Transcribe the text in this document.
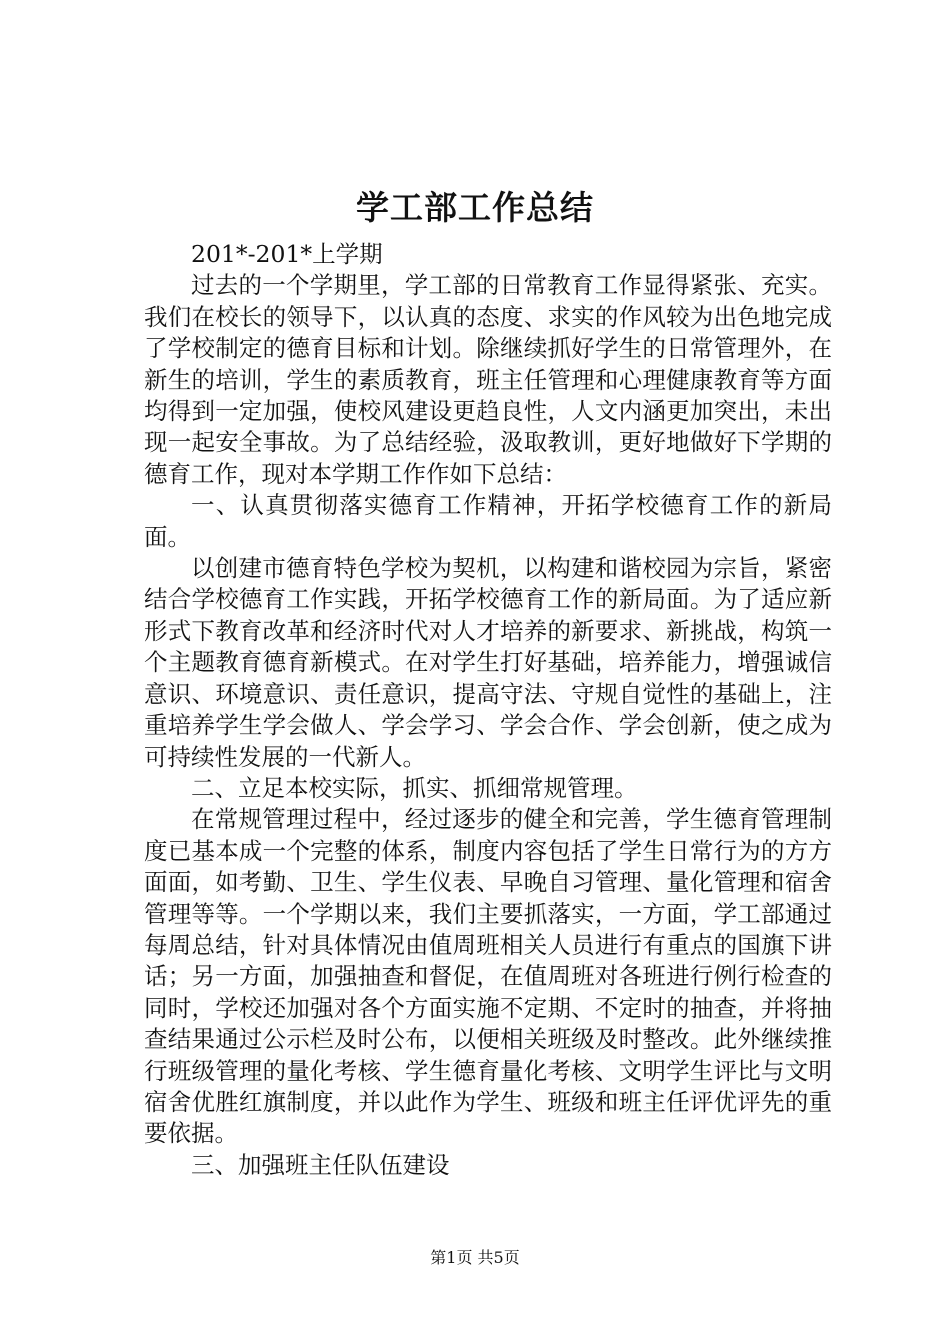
学工部工作总结

201*-201*上学期

过去的一个学期里，学工部的日常教育工作显得紧张、充实。我们在校长的领导下，以认真的态度、求实的作风较为出色地完成了学校制定的德育目标和计划。除继续抓好学生的日常管理外，在新生的培训，学生的素质教育，班主任管理和心理健康教育等方面均得到一定加强，使校风建设更趋良性，人文内涵更加突出，未出现一起安全事故。为了总结经验，汲取教训，更好地做好下学期的德育工作，现对本学期工作作如下总结：

一、认真贯彻落实德育工作精神，开拓学校德育工作的新局面。

以创建市德育特色学校为契机，以构建和谐校园为宗旨，紧密结合学校德育工作实践，开拓学校德育工作的新局面。为了适应新形式下教育改革和经济时代对人才培养的新要求、新挑战，构筑一个主题教育德育新模式。在对学生打好基础，培养能力，增强诚信意识、环境意识、责任意识，提高守法、守规自觉性的基础上，注重培养学生学会做人、学会学习、学会合作、学会创新，使之成为可持续性发展的一代新人。

二、立足本校实际，抓实、抓细常规管理。

在常规管理过程中，经过逐步的健全和完善，学生德育管理制度已基本成一个完整的体系，制度内容包括了学生日常行为的方方面面，如考勤、卫生、学生仪表、早晚自习管理、量化管理和宿舍管理等等。一个学期以来，我们主要抓落实，一方面，学工部通过每周总结，针对具体情况由值周班相关人员进行有重点的国旗下讲话；另一方面，加强抽查和督促，在值周班对各班进行例行检查的同时，学校还加强对各个方面实施不定期、不定时的抽查，并将抽查结果通过公示栏及时公布，以便相关班级及时整改。此外继续推行班级管理的量化考核、学生德育量化考核、文明学生评比与文明宿舍优胜红旗制度，并以此作为学生、班级和班主任评优评先的重要依据。

三、加强班主任队伍建设

第1页 共5页
